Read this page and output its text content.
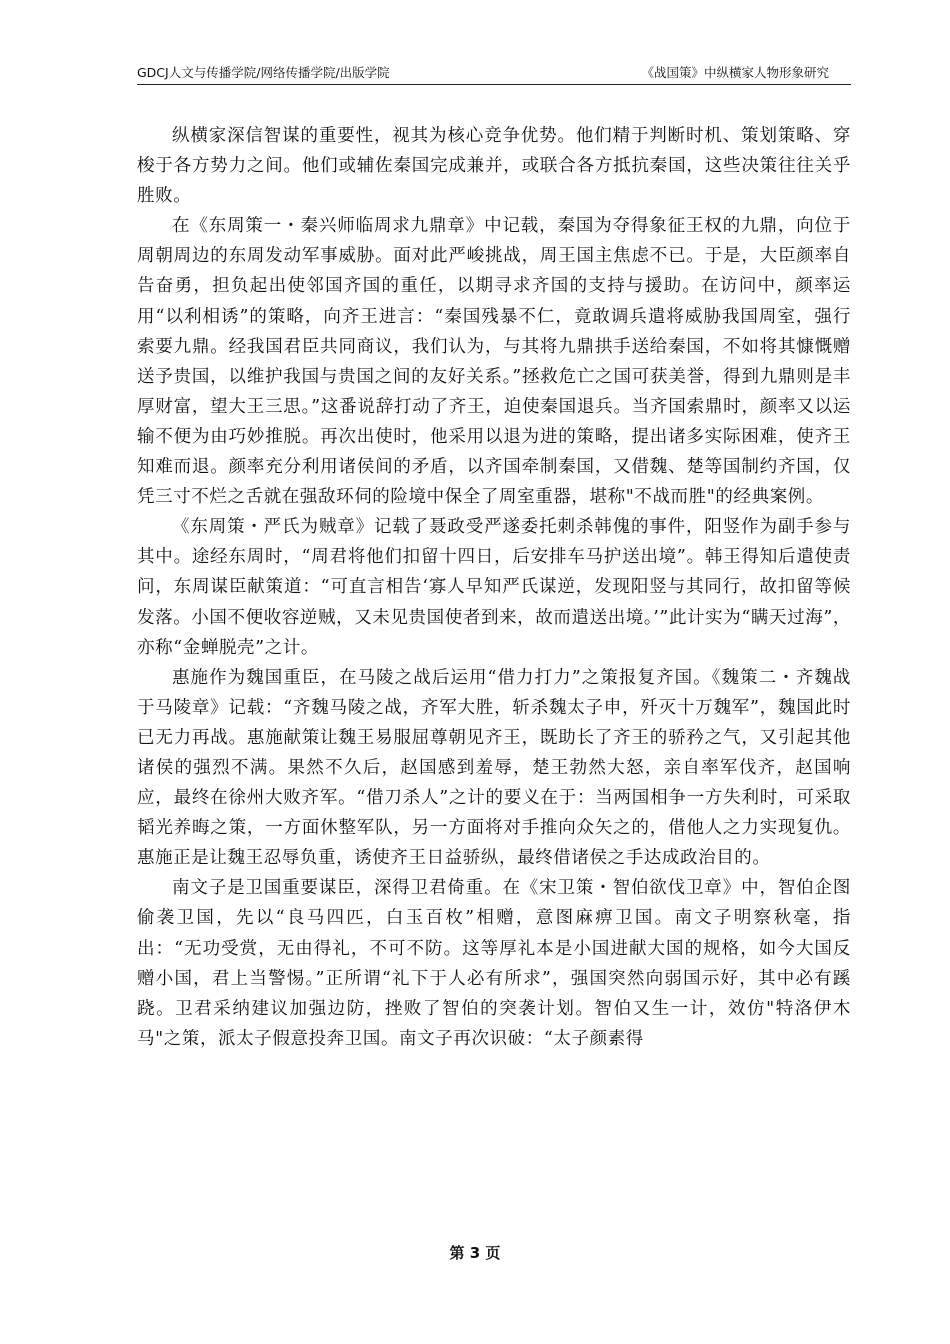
GDCJ人文与传播学院/网络传播学院/出版学院	《战国策》中纵横家人物形象研究

纵横家深信智谋的重要性，视其为核心竞争优势。他们精于判断时机、策划策略、穿梭于各方势力之间。他们或辅佐秦国完成兼并，或联合各方抵抗秦国，这些决策往往关乎胜败。

在《东周策一・秦兴师临周求九鼎章》中记载，秦国为夺得象征王权的九鼎，向位于周朝周边的东周发动军事威胁。面对此严峻挑战，周王国主焦虑不已。于是，大臣颜率自告奋勇，担负起出使邻国齐国的重任，以期寻求齐国的支持与援助。在访问中，颜率运用“以利相诱”的策略，向齐王进言：“秦国残暴不仁，竟敢调兵遣将威胁我国周室，强行索要九鼎。经我国君臣共同商议，我们认为，与其将九鼎拱手送给秦国，不如将其慷慨赠送予贵国，以维护我国与贵国之间的友好关系。”拯救危亡之国可获美誉，得到九鼎则是丰厚财富，望大王三思。”这番说辞打动了齐王，迫使秦国退兵。当齐国索鼎时，颜率又以运输不便为由巧妙推脱。再次出使时，他采用以退为进的策略，提出诸多实际困难，使齐王知难而退。颜率充分利用诸侯间的矛盾，以齐国牵制秦国，又借魏、楚等国制约齐国，仅凭三寸不烂之舌就在强敌环伺的险境中保全了周室重器，堪称"不战而胜"的经典案例。

《东周策・严氏为贼章》记载了聂政受严遂委托刺杀韩傀的事件，阳竖作为副手参与其中。途经东周时，“周君将他们扣留十四日，后安排车马护送出境”。韩王得知后遣使责问，东周谋臣献策道：“可直言相告‘寡人早知严氏谋逆，发现阳竖与其同行，故扣留等候发落。小国不便收容逆贼，又未见贵国使者到来，故而遣送出境。’”此计实为“瞒天过海”，亦称“金蝉脱壳”之计。

惠施作为魏国重臣，在马陵之战后运用“借力打力”之策报复齐国。《魏策二・齐魏战于马陵章》记载：“齐魏马陵之战，齐军大胜，斩杀魏太子申，歼灭十万魏军”，魏国此时已无力再战。惠施献策让魏王易服屈尊朝见齐王，既助长了齐王的骄矜之气，又引起其他诸侯的强烈不满。果然不久后，赵国感到羞辱，楚王勃然大怒，亲自率军伐齐，赵国响应，最终在徐州大败齐军。“借刀杀人”之计的要义在于：当两国相争一方失利时，可采取韬光养晦之策，一方面休整军队，另一方面将对手推向众矢之的，借他人之力实现复仇。惠施正是让魏王忍辱负重，诱使齐王日益骄纵，最终借诸侯之手达成政治目的。

南文子是卫国重要谋臣，深得卫君倚重。在《宋卫策・智伯欲伐卫章》中，智伯企图偷袭卫国，先以“良马四匹，白玉百枚”相赠，意图麻痹卫国。南文子明察秋毫，指出：“无功受赏，无由得礼，不可不防。这等厚礼本是小国进献大国的规格，如今大国反赠小国，君上当警惕。”正所谓“礼下于人必有所求”，强国突然向弱国示好，其中必有蹊跷。卫君采纳建议加强边防，挫败了智伯的突袭计划。智伯又生一计，效仿"特洛伊木马"之策，派太子假意投奔卫国。南文子再次识破：“太子颜素得

第 3 页
